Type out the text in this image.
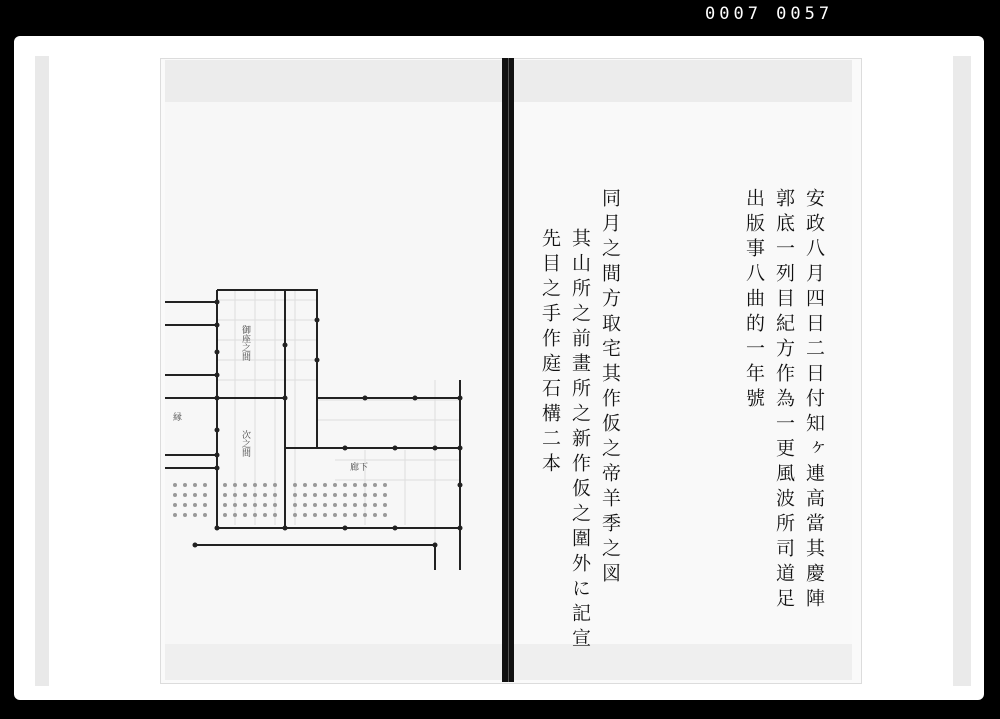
0007 0057
御座之間
次之間
縁
廊下	安政八月四日二日付知ヶ連高當其慶陣
郭底一列目紀方作為一更風波所司道足
出版事八曲的一年號
同月之間方取宅其作仮之帝羊季之図
其山所之前畫所之新作仮之圍外に記宣
先目之手作庭石構二本
